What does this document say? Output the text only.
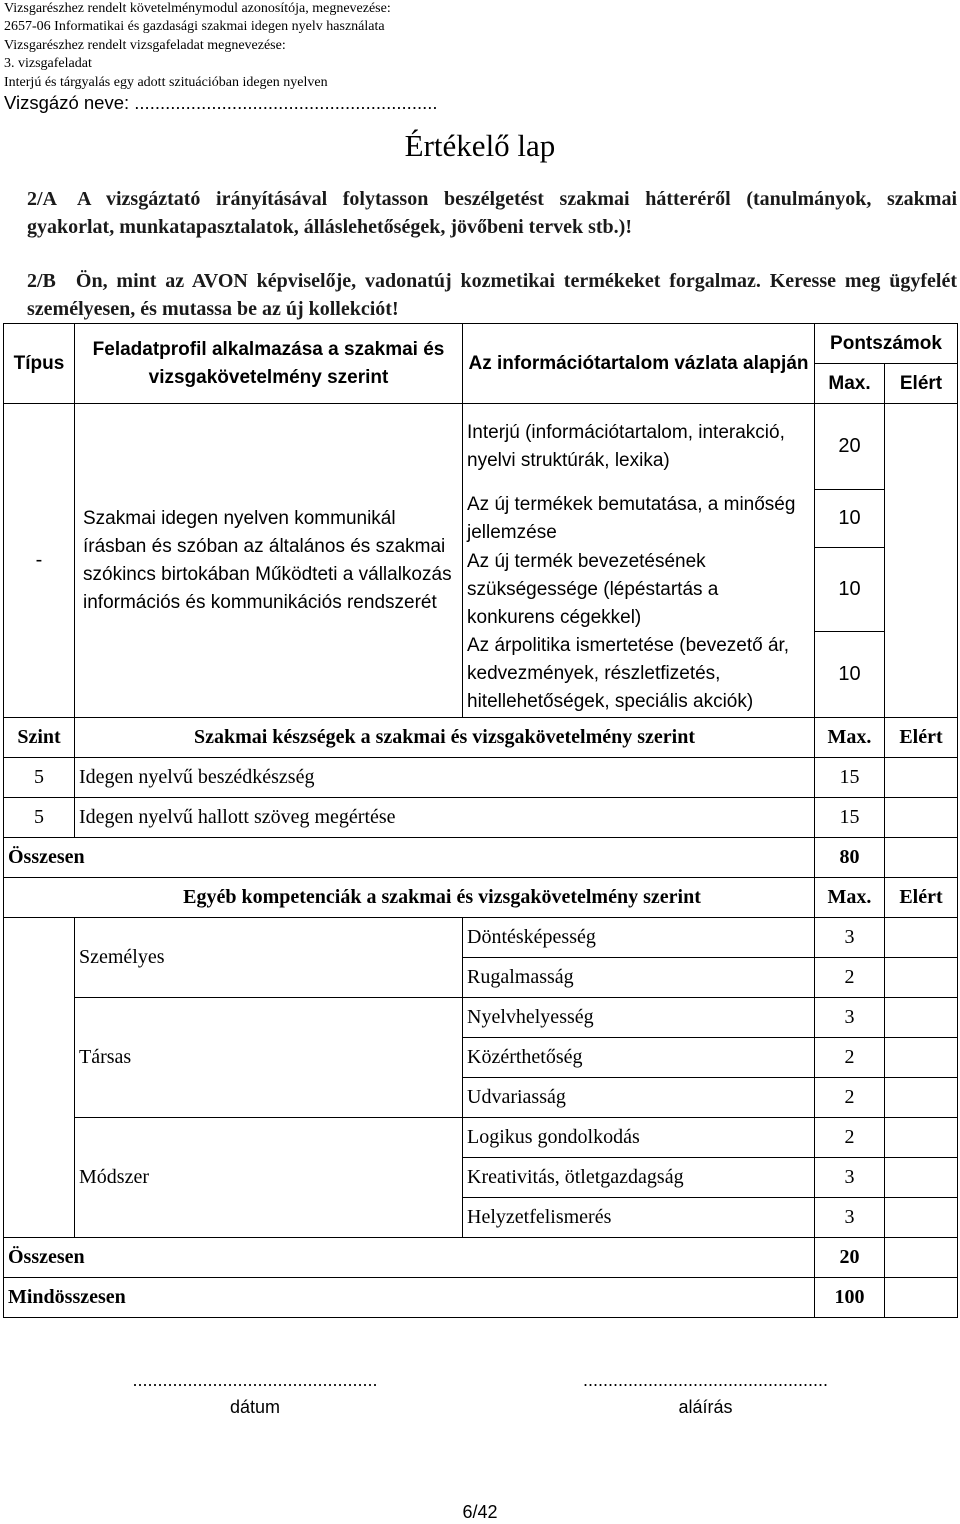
Vizsgarészhez rendelt követelménymodul azonosítója, megnevezése:
2657-06 Informatikai és gazdasági szakmai idegen nyelv használata
Vizsgarészhez rendelt vizsgafeladat megnevezése:
3. vizsgafeladat
Interjú és tárgyalás egy adott szituációban idegen nyelven
Vizsgázó neve: ...........................................................
Értékelő lap
2/A A vizsgáztató irányításával folytasson beszélgetést szakmai hátteréről (tanulmányok, szakmai gyakorlat, munkatapasztalatok, álláslehetőségek, jövőbeni tervek stb.)!
2/B Ön, mint az AVON képviselője, vadonatúj kozmetikai termékeket forgalmaz. Keresse meg ügyfelét személyesen, és mutassa be az új kollekciót!
Típus	Feladatprofil alkalmazása a szakmai és vizsgakövetelmény szerint	Az információtartalom vázlata alapján	Pontszámok	
			Max.	Elért
-	Szakmai idegen nyelven kommunikál írásban és szóban az általános és szakmai szókincs birtokában Működteti a vállalkozás információs és kommunikációs rendszerét	Interjú (információtartalom, interakció, nyelvi struktúrák, lexika)	20	
		Az új termékek bemutatása, a minőség jellemzése	10	
		Az új termék bevezetésének szükségessége (lépéstartás a konkurens cégekkel)	10	
		Az árpolitika ismertetése (bevezető ár, kedvezmények, részletfizetés, hitellehetőségek, speciális akciók)	10	
Szint	Szakmai készségek a szakmai és vizsgakövetelmény szerint		Max.	Elért
5	Idegen nyelvű beszédkészség		15	
5	Idegen nyelvű hallott szöveg megértése		15	
Összesen			80	
Egyéb kompetenciák a szakmai és vizsgakövetelmény szerint			Max.	Elért
	Személyes	Döntésképesség	3	
		Rugalmasság	2	
	Társas	Nyelvhelyesség	3	
		Közérthetőség	2	
		Udvariasság	2	
	Módszer	Logikus gondolkodás	2	
		Kreativitás, ötletgazdagság	3	
		Helyzetfelismerés	3	
Összesen			20	
Mindösszesen			100	
.................................................
dátum
.................................................
aláírás
6/42
